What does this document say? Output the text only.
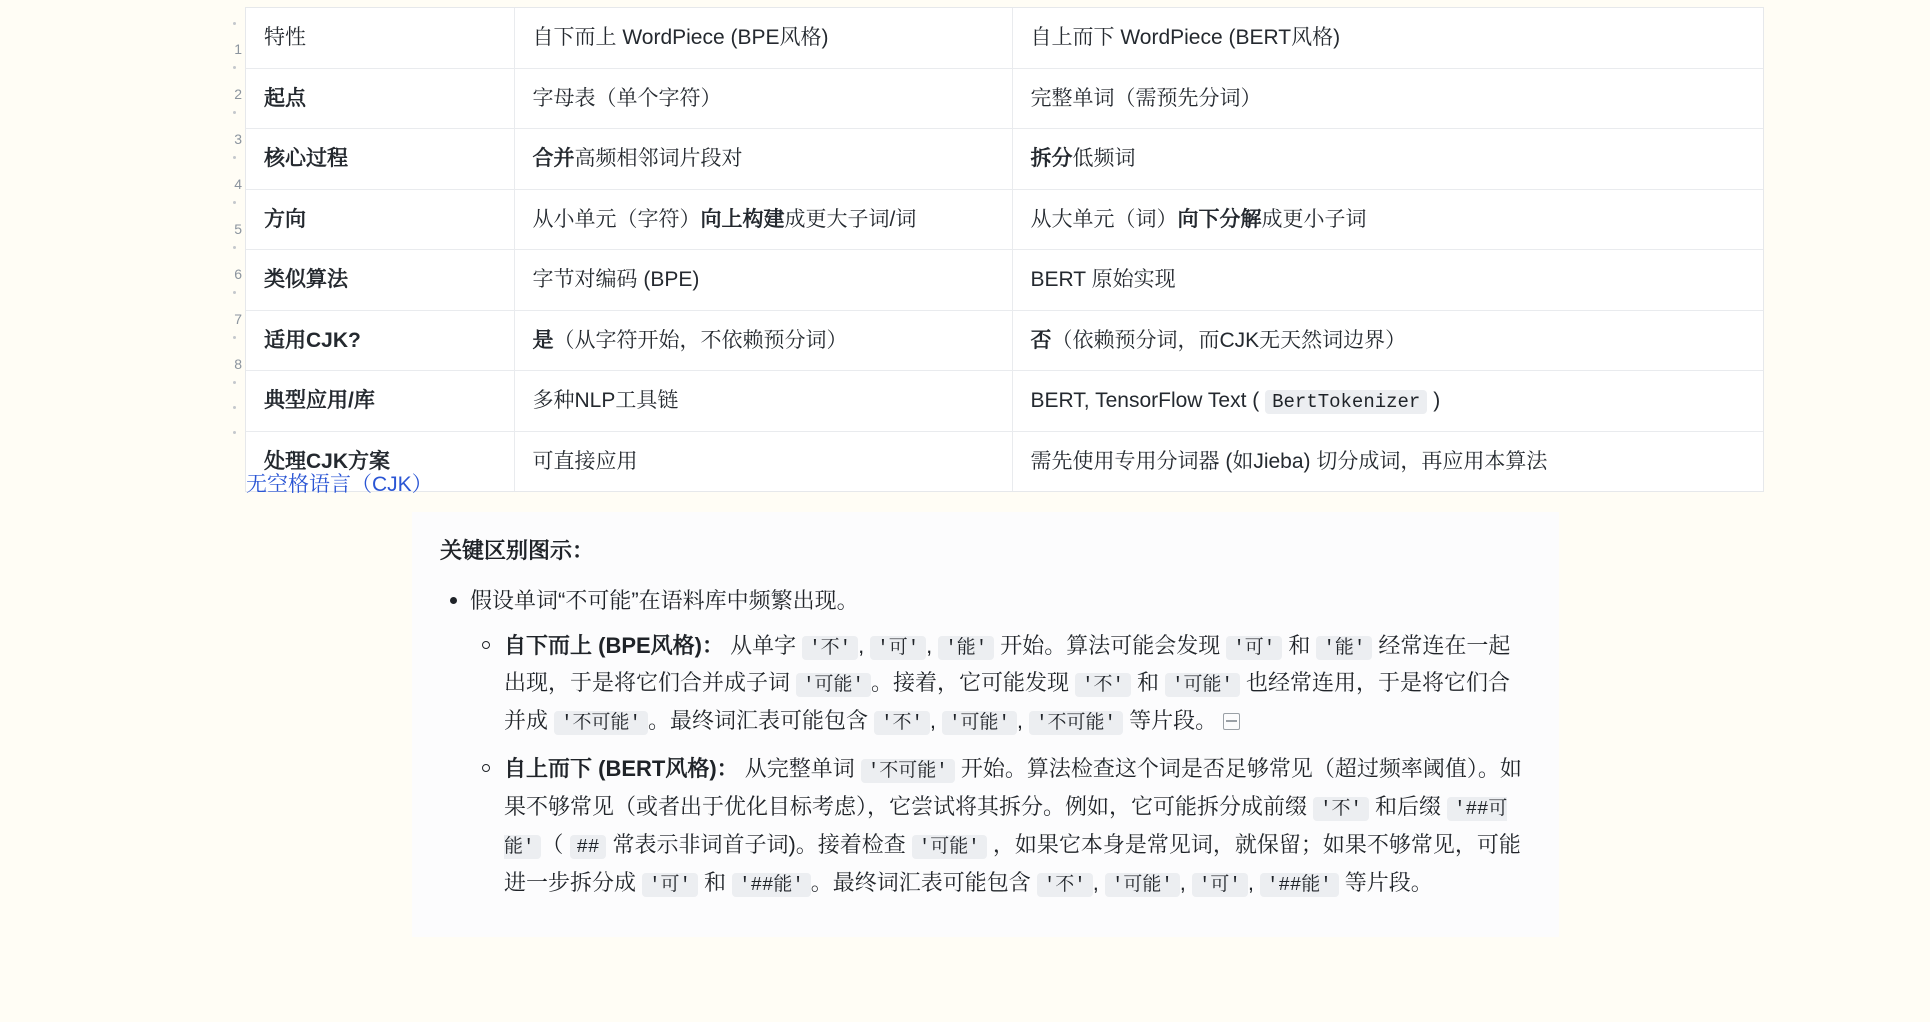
1
2
3
4
5
6
7
8
特性	自下而上 WordPiece (BPE风格)	自上而下 WordPiece (BERT风格)
起点	字母表（单个字符）	完整单词（需预先分词）
核心过程	合并高频相邻词片段对	拆分低频词
方向	从小单元（字符）向上构建成更大子词/词	从大单元（词）向下分解成更小子词
类似算法	字节对编码 (BPE)	BERT 原始实现
适用CJK?	是（从字符开始，不依赖预分词）	否（依赖预分词，而CJK无天然词边界）
典型应用/库	多种NLP工具链	BERT, TensorFlow Text ( BertTokenizer )
处理CJK方案	可直接应用	需先使用专用分词器 (如Jieba) 切分成词，再应用本算法
无空格语言（CJK）
关键区别图示：
假设单词“不可能”在语料库中频繁出现。
自下而上 (BPE风格)： 从单字 '不' , '可' , '能' 开始。算法可能会发现 '可' 和 '能' 经常连在一起出现，于是将它们合并成子词 '可能' 。接着，它可能发现 '不' 和 '可能' 也经常连用，于是将它们合并成 '不可能' 。最终词汇表可能包含 '不' , '可能' , '不可能' 等片段。
自上而下 (BERT风格)： 从完整单词 '不可能' 开始。算法检查这个词是否足够常见（超过频率阈值）。如果不够常见（或者出于优化目标考虑），它尝试将其拆分。例如，它可能拆分成前缀 '不' 和后缀 '##可能' （ ## 常表示非词首子词)。接着检查 '可能' ，如果它本身是常见词，就保留；如果不够常见，可能进一步拆分成 '可' 和 '##能' 。最终词汇表可能包含 '不' , '可能' , '可' , '##能' 等片段。
